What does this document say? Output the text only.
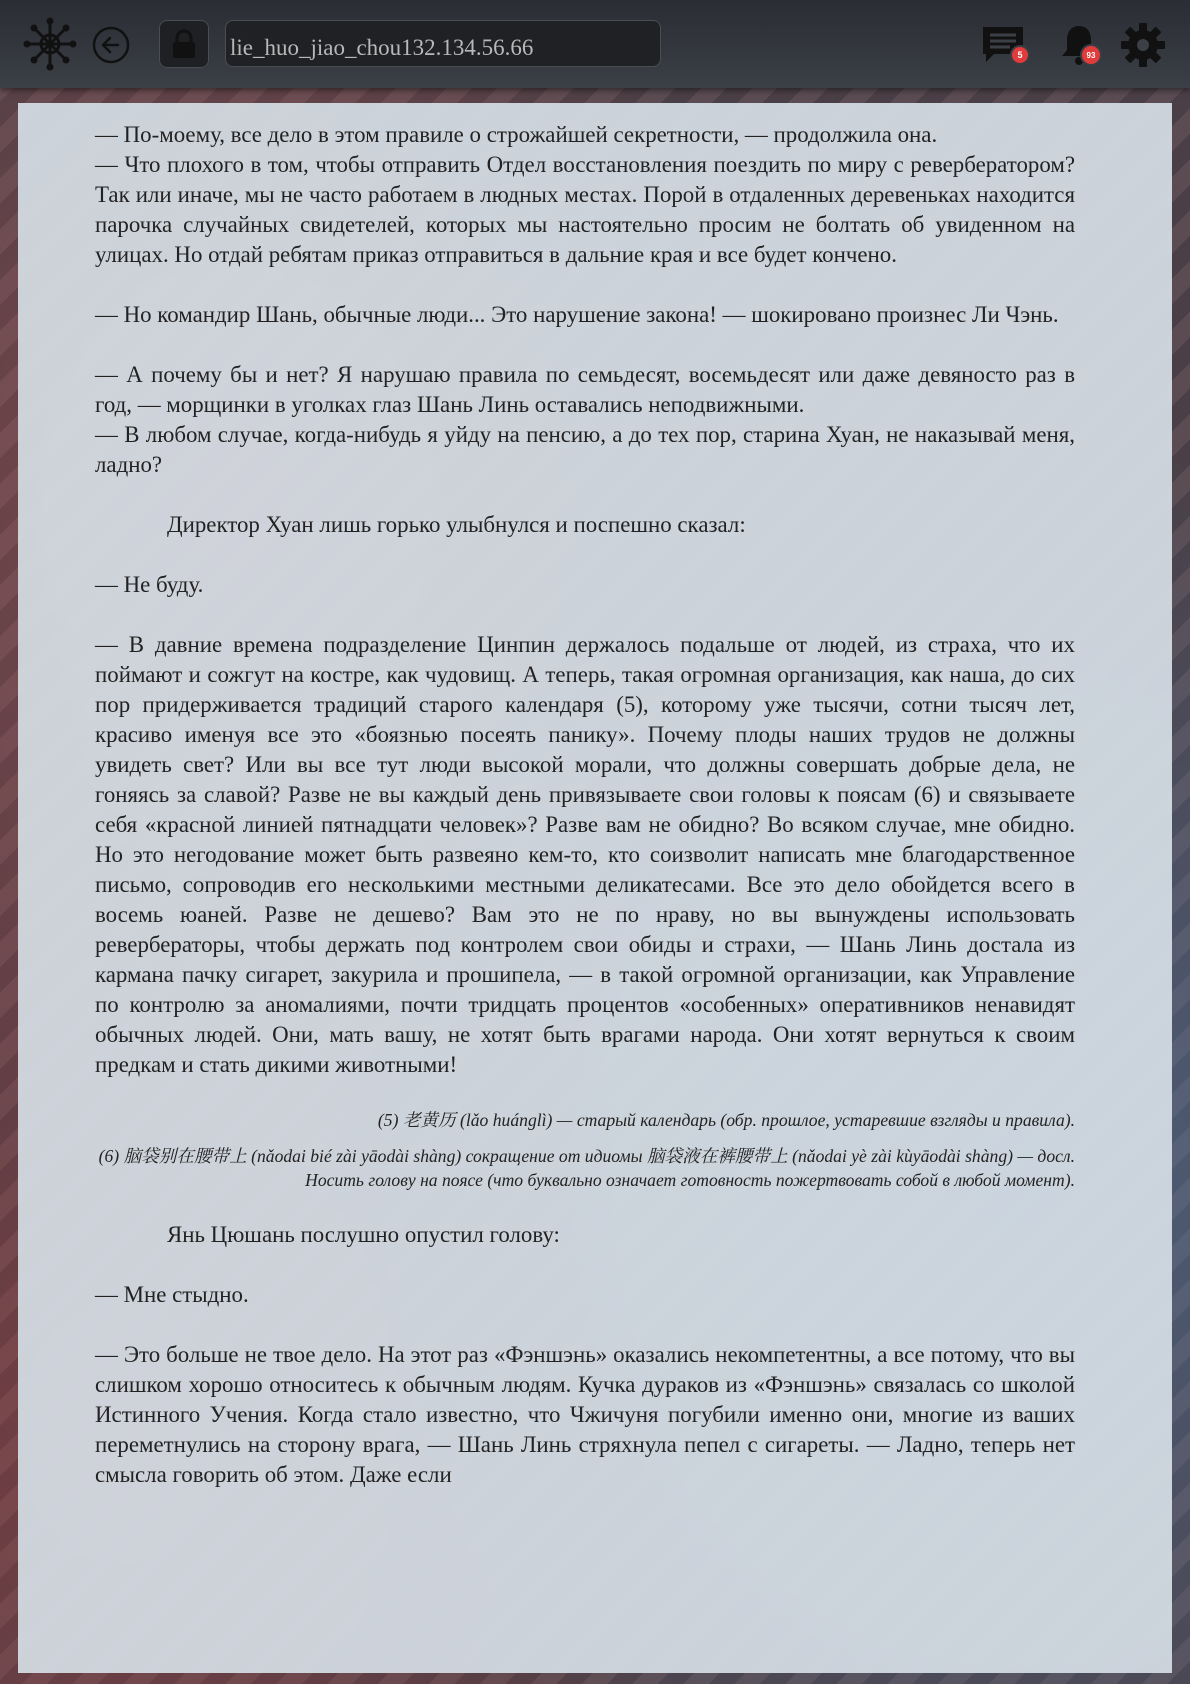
lie_huo_jiao_chou132.134.56.66
5	93

— По-моему, все дело в этом правиле о строжайшей секретности, — продолжила она.

— Что плохого в том, чтобы отправить Отдел восстановления поездить по миру с ревербератором? Так или иначе, мы не часто работаем в людных местах. Порой в отдаленных деревеньках находится парочка случайных свидетелей, которых мы настоятельно просим не болтать об увиденном на улицах. Но отдай ребятам приказ отправиться в дальние края и все будет кончено.

— Но командир Шань, обычные люди... Это нарушение закона! — шокировано произнес Ли Чэнь.

— А почему бы и нет? Я нарушаю правила по семьдесят, восемьдесят или даже девяносто раз в год, — морщинки в уголках глаз Шань Линь оставались неподвижными.

— В любом случае, когда-нибудь я уйду на пенсию, а до тех пор, старина Хуан, не наказывай меня, ладно?

Директор Хуан лишь горько улыбнулся и поспешно сказал:

— Не буду.

— В давние времена подразделение Цинпин держалось подальше от людей, из страха, что их поймают и сожгут на костре, как чудовищ. А теперь, такая огромная организация, как наша, до сих пор придерживается традиций старого календаря (5), которому уже тысячи, сотни тысяч лет, красиво именуя все это «боязнью посеять панику». Почему плоды наших трудов не должны увидеть свет? Или вы все тут люди высокой морали, что должны совершать добрые дела, не гоняясь за славой? Разве не вы каждый день привязываете свои головы к поясам (6) и связываете себя «красной линией пятнадцати человек»? Разве вам не обидно? Во всяком случае, мне обидно. Но это негодование может быть развеяно кем-то, кто соизволит написать мне благодарственное письмо, сопроводив его несколькими местными деликатесами. Все это дело обойдется всего в восемь юаней. Разве не дешево? Вам это не по нраву, но вы вынуждены использовать ревербераторы, чтобы держать под контролем свои обиды и страхи, — Шань Линь достала из кармана пачку сигарет, закурила и прошипела, — в такой огромной организации, как Управление по контролю за аномалиями, почти тридцать процентов «особенных» оперативников ненавидят обычных людей. Они, мать вашу, не хотят быть врагами народа. Они хотят вернуться к своим предкам и стать дикими животными!

(5) 老黄历 (lǎo huánglì) — старый календарь (обр. прошлое, устаревшие взгляды и правила).

(6) 脑袋别在腰带上 (nǎodai bié zài yāodài shàng) сокращение от идиомы 脑袋液在裤腰带上 (nǎodai yè zài kùyāodài shàng) — досл. Носить голову на поясе (что буквально означает готовность пожертвовать собой в любой момент).

Янь Цюшань послушно опустил голову:

— Мне стыдно.

— Это больше не твое дело. На этот раз «Фэншэнь» оказались некомпетентны, а все потому, что вы слишком хорошо относитесь к обычным людям. Кучка дураков из «Фэншэнь» связалась со школой Истинного Учения. Когда стало известно, что Чжичуня погубили именно они, многие из ваших переметнулись на сторону врага, — Шань Линь стряхнула пепел с сигареты. — Ладно, теперь нет смысла говорить об этом. Даже если
